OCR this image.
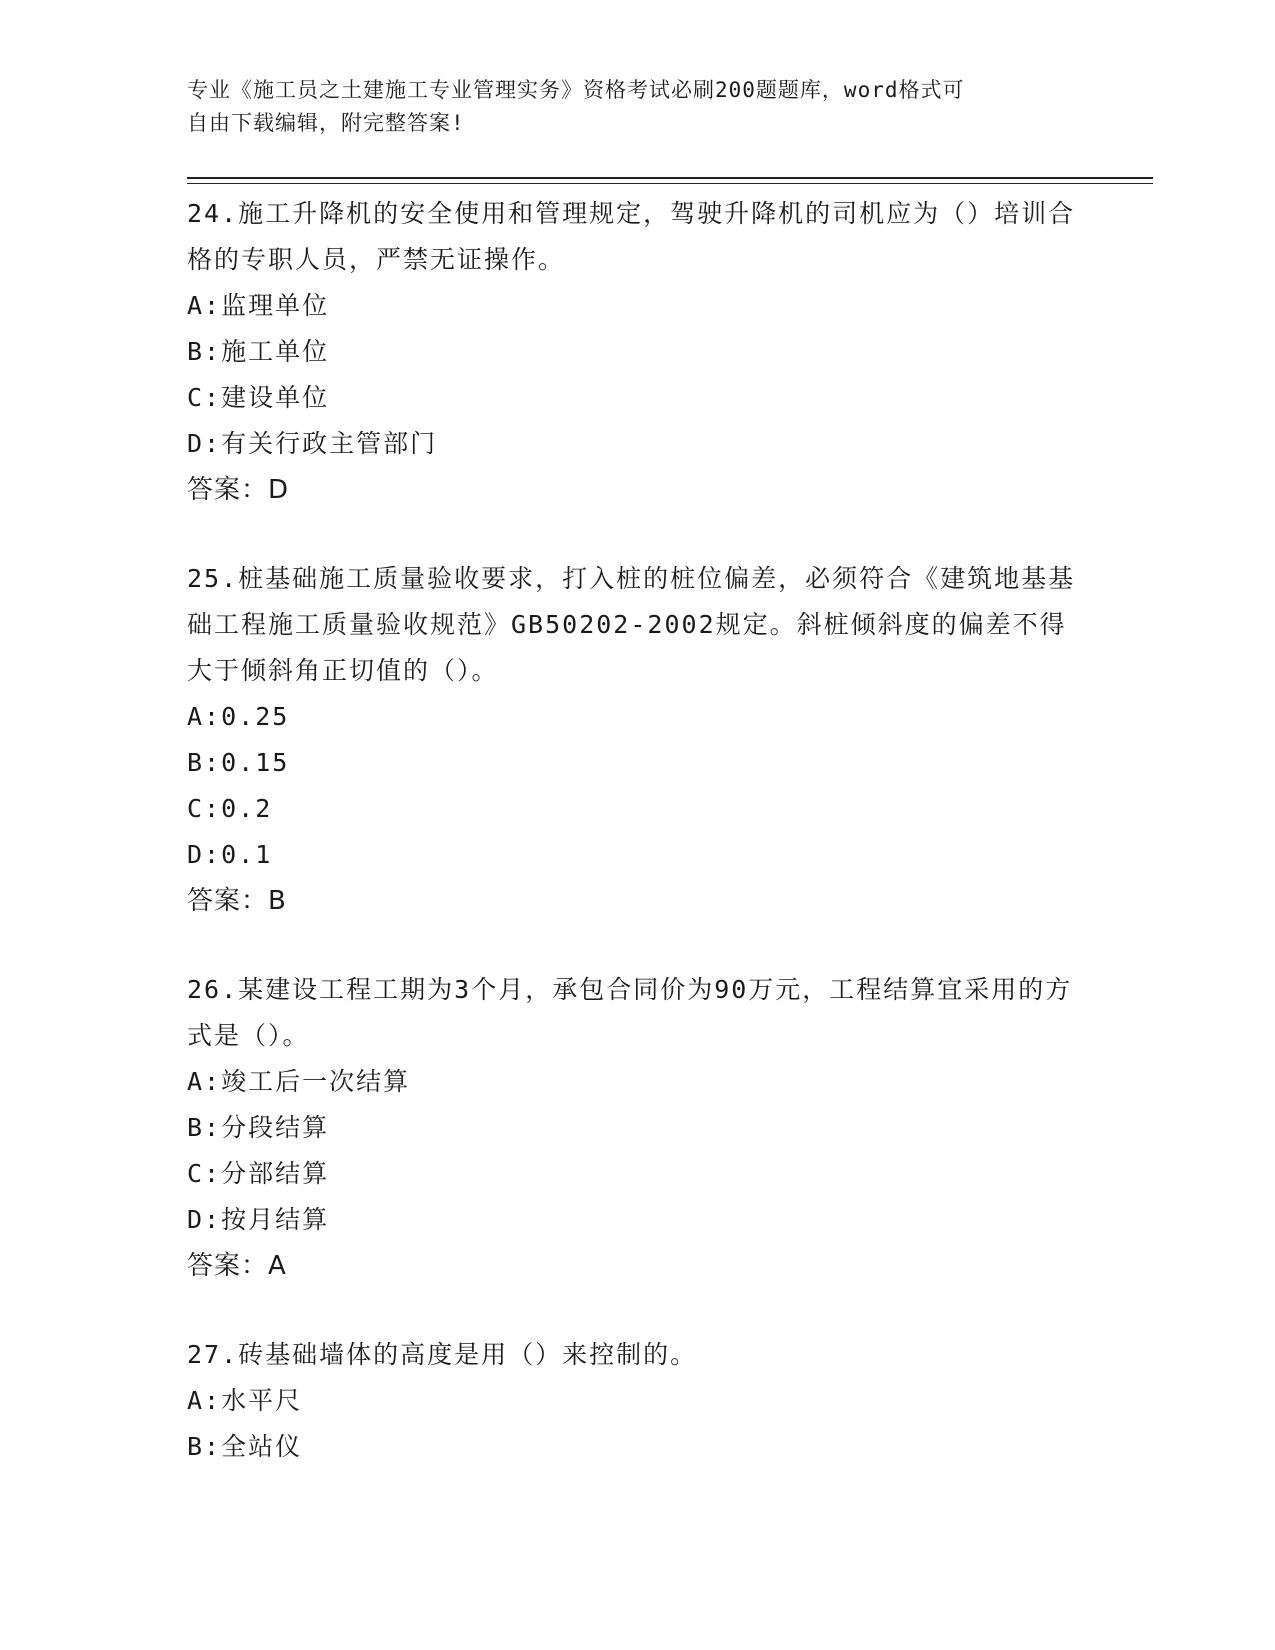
专业《施工员之土建施工专业管理实务》资格考试必刷200题题库，word格式可
自由下载编辑，附完整答案!

24.施工升降机的安全使用和管理规定，驾驶升降机的司机应为（）培训合格的专职人员，严禁无证操作。

A:监理单位

B:施工单位

C:建设单位

D:有关行政主管部门

答案：D

25.桩基础施工质量验收要求，打入桩的桩位偏差，必须符合《建筑地基基础工程施工质量验收规范》GB50202-2002规定。斜桩倾斜度的偏差不得大于倾斜角正切值的（）。

A:0.25

B:0.15

C:0.2

D:0.1

答案：B

26.某建设工程工期为3个月，承包合同价为90万元，工程结算宜采用的方式是（）。

A:竣工后一次结算

B:分段结算

C:分部结算

D:按月结算

答案：A

27.砖基础墙体的高度是用（）来控制的。

A:水平尺

B:全站仪
